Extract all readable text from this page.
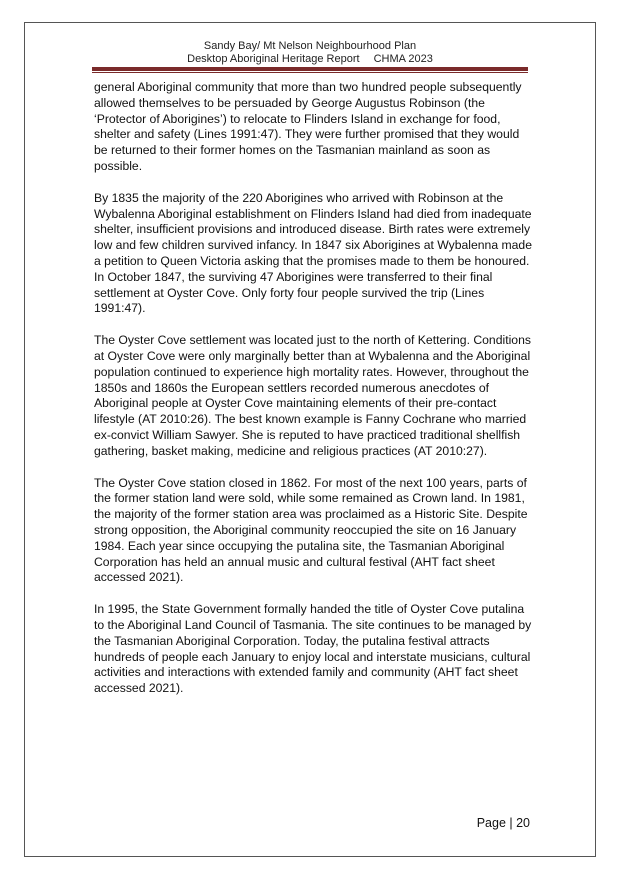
Sandy Bay/ Mt Nelson Neighbourhood Plan
Desktop Aboriginal Heritage Report CHMA 2023

general Aboriginal community that more than two hundred people subsequently allowed themselves to be persuaded by George Augustus Robinson (the ‘Protector of Aborigines’) to relocate to Flinders Island in exchange for food, shelter and safety (Lines 1991:47). They were further promised that they would be returned to their former homes on the Tasmanian mainland as soon as possible.

By 1835 the majority of the 220 Aborigines who arrived with Robinson at the Wybalenna Aboriginal establishment on Flinders Island had died from inadequate shelter, insufficient provisions and introduced disease. Birth rates were extremely low and few children survived infancy. In 1847 six Aborigines at Wybalenna made a petition to Queen Victoria asking that the promises made to them be honoured. In October 1847, the surviving 47 Aborigines were transferred to their final settlement at Oyster Cove. Only forty four people survived the trip (Lines 1991:47).

The Oyster Cove settlement was located just to the north of Kettering. Conditions at Oyster Cove were only marginally better than at Wybalenna and the Aboriginal population continued to experience high mortality rates. However, throughout the 1850s and 1860s the European settlers recorded numerous anecdotes of Aboriginal people at Oyster Cove maintaining elements of their pre-contact lifestyle (AT 2010:26). The best known example is Fanny Cochrane who married ex-convict William Sawyer. She is reputed to have practiced traditional shellfish gathering, basket making, medicine and religious practices (AT 2010:27).

The Oyster Cove station closed in 1862. For most of the next 100 years, parts of the former station land were sold, while some remained as Crown land. In 1981, the majority of the former station area was proclaimed as a Historic Site. Despite strong opposition, the Aboriginal community reoccupied the site on 16 January 1984. Each year since occupying the putalina site, the Tasmanian Aboriginal Corporation has held an annual music and cultural festival (AHT fact sheet accessed 2021).

In 1995, the State Government formally handed the title of Oyster Cove putalina to the Aboriginal Land Council of Tasmania. The site continues to be managed by the Tasmanian Aboriginal Corporation. Today, the putalina festival attracts hundreds of people each January to enjoy local and interstate musicians, cultural activities and interactions with extended family and community (AHT fact sheet accessed 2021).

Page | 20
